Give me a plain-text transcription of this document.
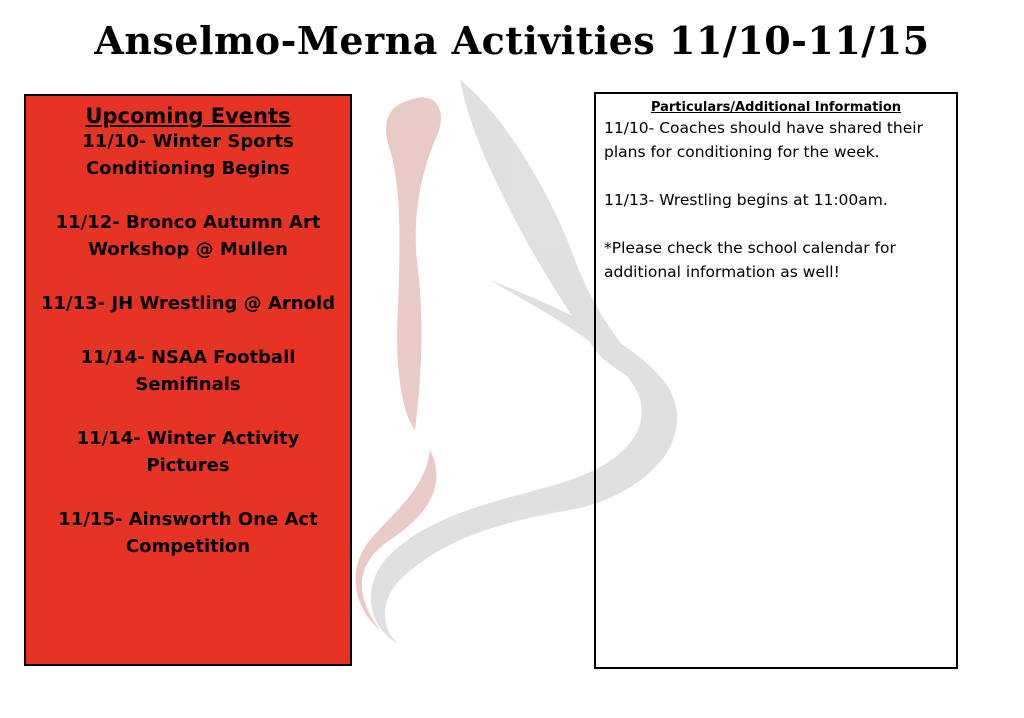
Anselmo-Merna Activities 11/10-11/15
Upcoming Events
11/10- Winter Sports Conditioning Begins
11/12- Bronco Autumn Art Workshop @ Mullen
11/13- JH Wrestling @ Arnold
11/14- NSAA Football Semifinals
11/14- Winter Activity Pictures
11/15- Ainsworth One Act Competition
Particulars/Additional Information

11/10- Coaches should have shared their plans for conditioning for the week.

11/13- Wrestling begins at 11:00am.

*Please check the school calendar for additional information as well!
